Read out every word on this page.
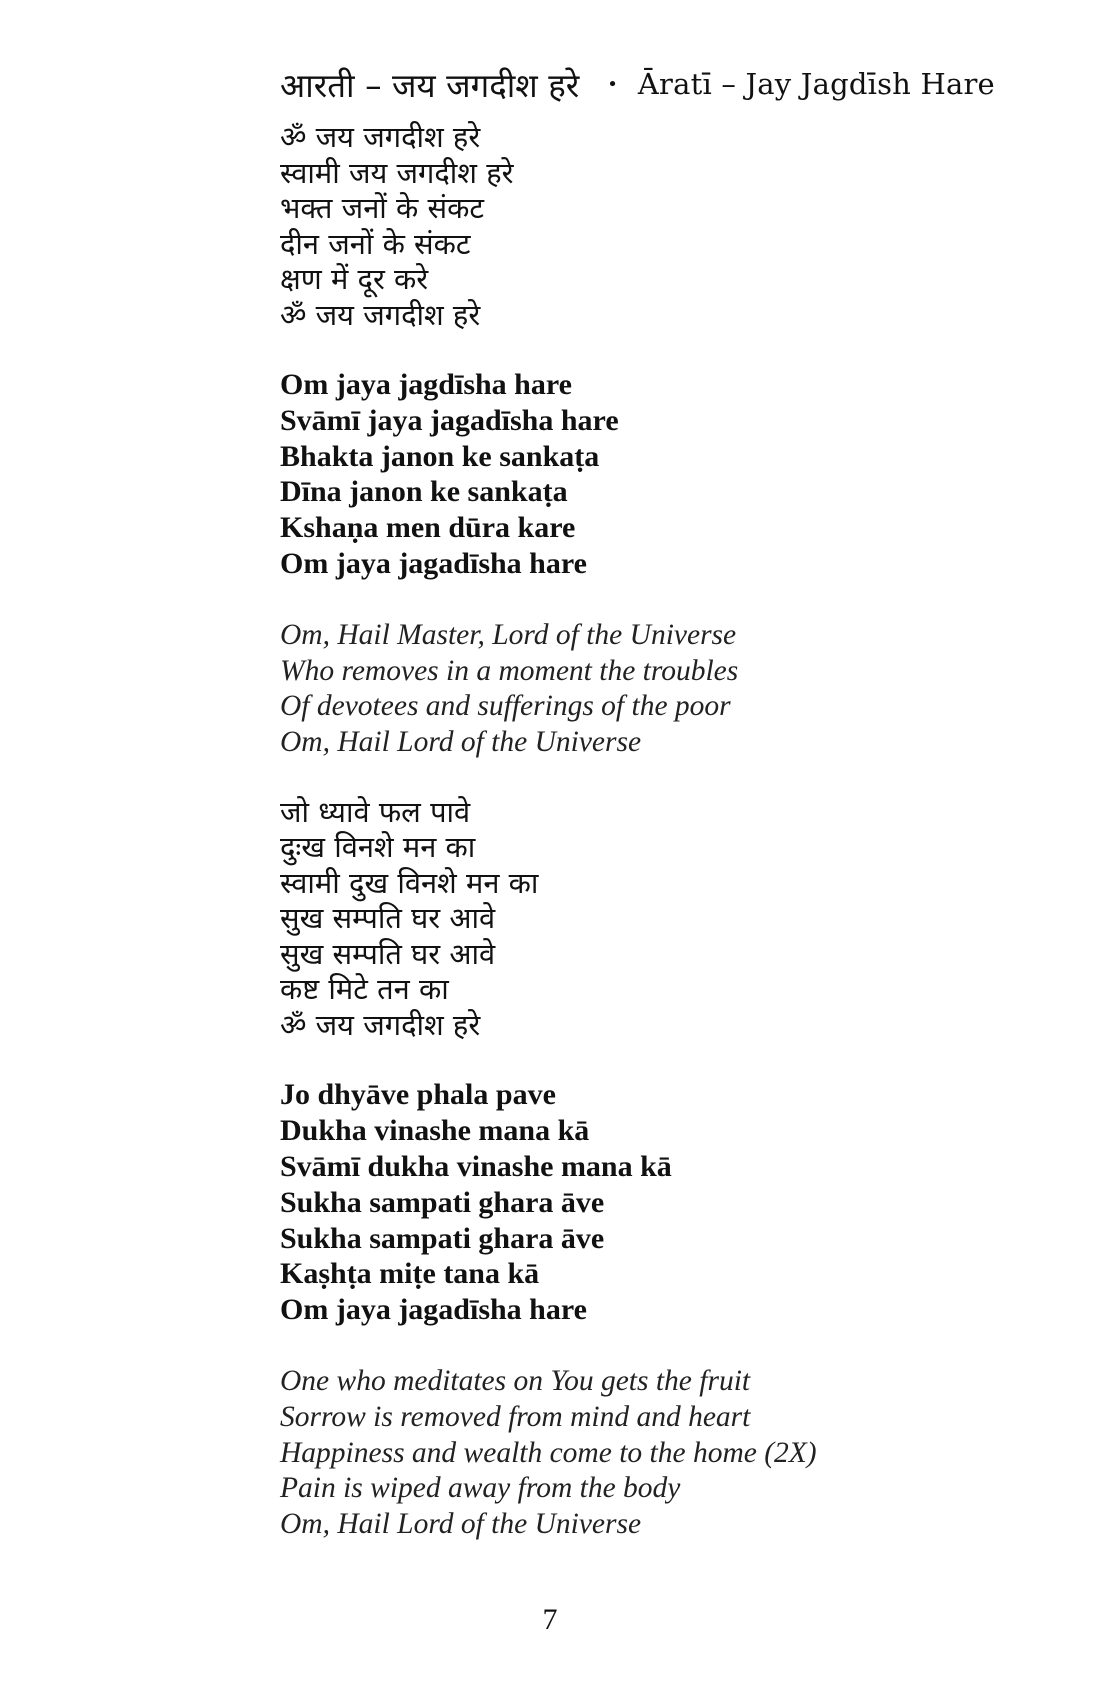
आरती – जय जगदीश हरे • Āratī – Jay Jagdīsh Hare
ॐ जय जगदीश हरे
स्वामी जय जगदीश हरे
भक्त जनों के संकट
दीन जनों के संकट
क्षण में दूर करे
ॐ जय जगदीश हरे
Om jaya jagdīsha hare
Svāmī jaya jagadīsha hare
Bhakta janon ke sankaṭa
Dīna janon ke sankaṭa
Kshaṇa men dūra kare
Om jaya jagadīsha hare
Om, Hail Master, Lord of the Universe
Who removes in a moment the troubles
Of devotees and sufferings of the poor
Om, Hail Lord of the Universe
जो ध्यावे फल पावे
दुःख विनशे मन का
स्वामी दुख विनशे मन का
सुख सम्पति घर आवे
सुख सम्पति घर आवे
कष्ट मिटे तन का
ॐ जय जगदीश हरे
Jo dhyāve phala pave
Dukha vinashe mana kā
Svāmī dukha vinashe mana kā
Sukha sampati ghara āve
Sukha sampati ghara āve
Kaṣhṭa miṭe tana kā
Om jaya jagadīsha hare
One who meditates on You gets the fruit
Sorrow is removed from mind and heart
Happiness and wealth come to the home (2X)
Pain is wiped away from the body
Om, Hail Lord of the Universe
7
